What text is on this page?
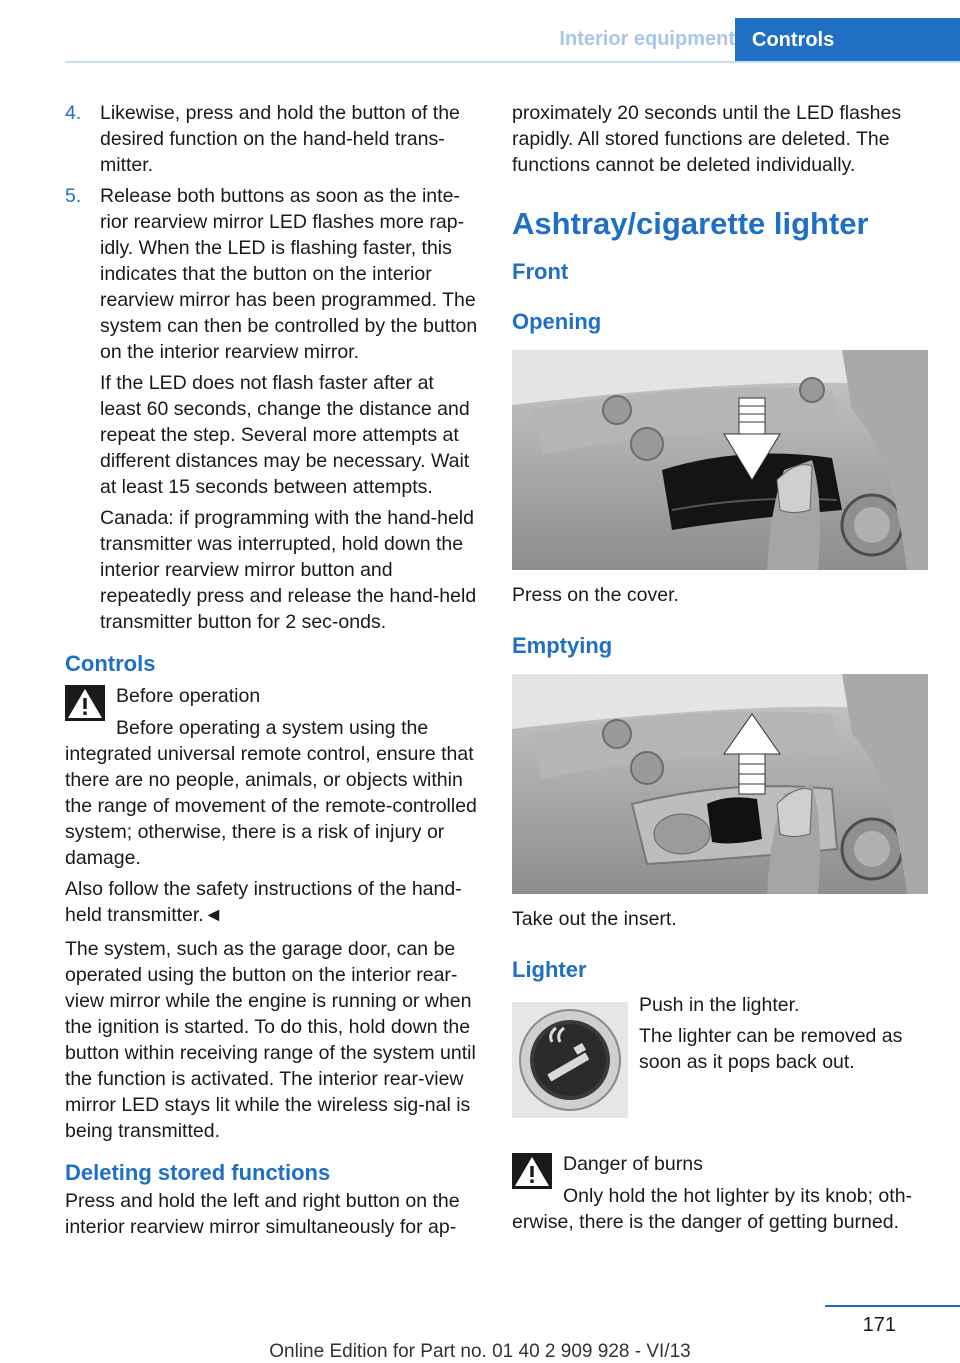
Interior equipment Controls
4. Likewise, press and hold the button of the desired function on the hand-held trans-mitter.
5. Release both buttons as soon as the inte-rior rearview mirror LED flashes more rap-idly. When the LED is flashing faster, this indicates that the button on the interior rearview mirror has been programmed. The system can then be controlled by the button on the interior rearview mirror.
If the LED does not flash faster after at least 60 seconds, change the distance and repeat the step. Several more attempts at different distances may be necessary. Wait at least 15 seconds between attempts.
Canada: if programming with the hand-held transmitter was interrupted, hold down the interior rearview mirror button and repeatedly press and release the hand-held transmitter button for 2 sec-onds.
Controls

Before operation

Before operating a system using the integrated universal remote control, ensure that there are no people, animals, or objects within the range of movement of the remote-controlled system; otherwise, there is a risk of injury or damage.

Also follow the safety instructions of the hand-held transmitter.◄

The system, such as the garage door, can be operated using the button on the interior rear-view mirror while the engine is running or when the ignition is started. To do this, hold down the button within receiving range of the system until the function is activated. The interior rear-view mirror LED stays lit while the wireless sig-nal is being transmitted.

Deleting stored functions

Press and hold the left and right button on the interior rearview mirror simultaneously for ap-

proximately 20 seconds until the LED flashes rapidly. All stored functions are deleted. The functions cannot be deleted individually.

Ashtray/cigarette lighter
Front
Opening

Press on the cover.

Emptying

Take out the insert.

Lighter

Push in the lighter.

The lighter can be removed as soon as it pops back out.

Danger of burns

Only hold the hot lighter by its knob; oth-erwise, there is the danger of getting burned.

171
Online Edition for Part no. 01 40 2 909 928 - VI/13
